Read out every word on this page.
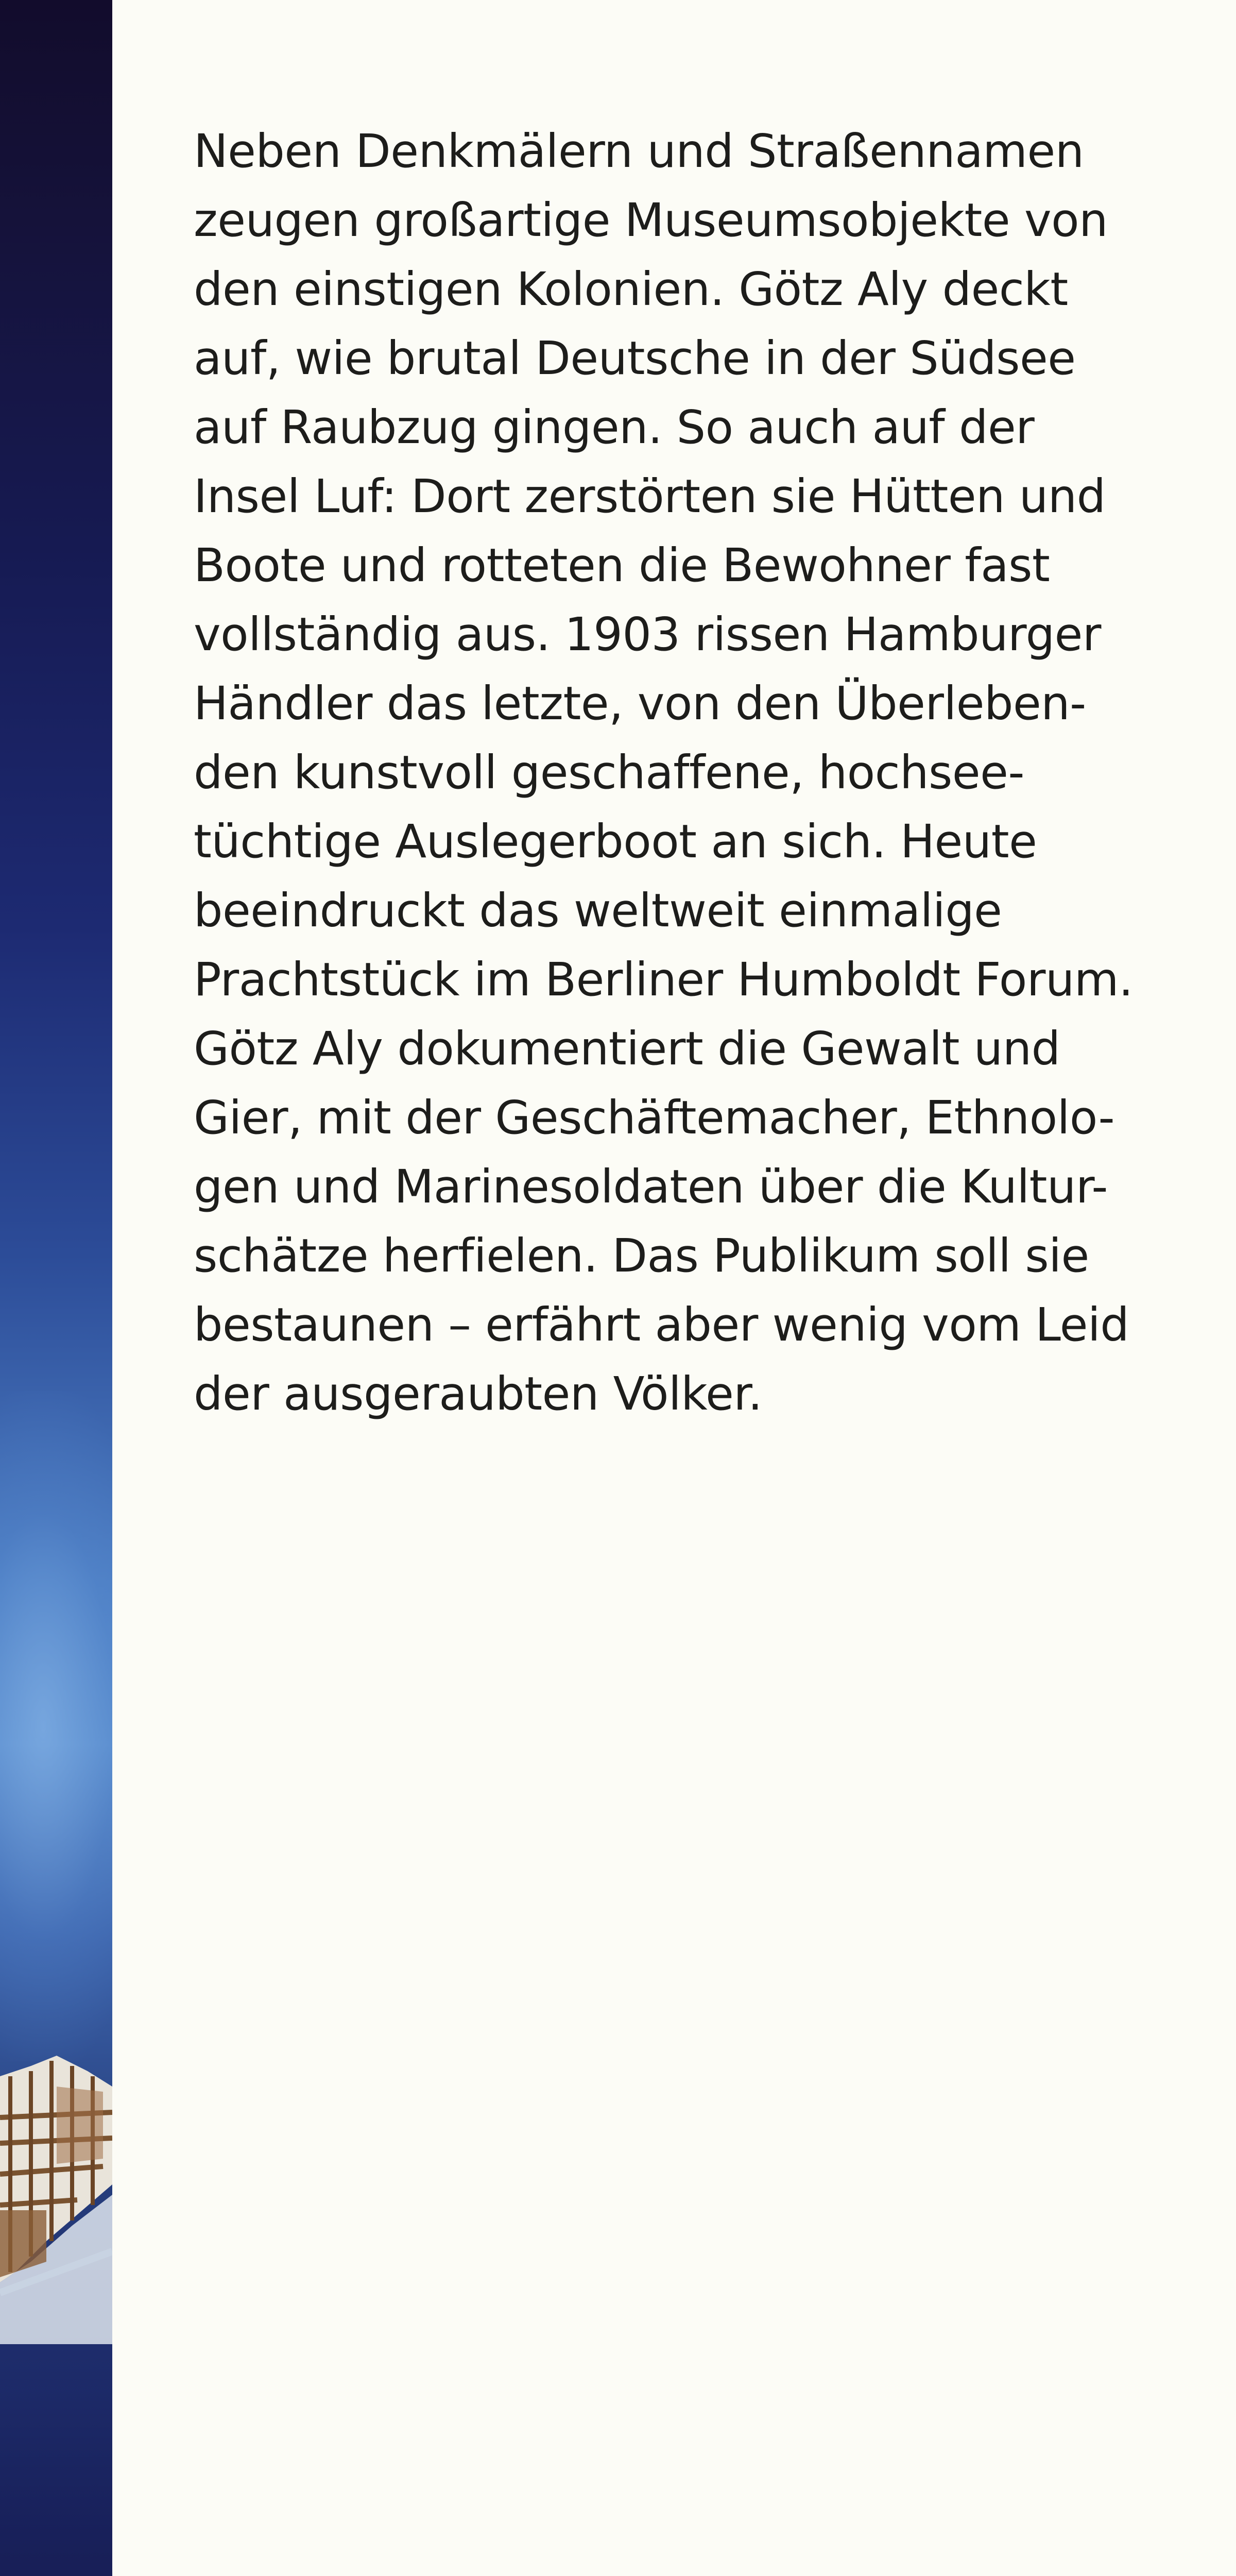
Neben Denkmälern und Straßennamen
zeugen großartige Museumsobjekte von
den einstigen Kolonien. Götz Aly deckt
auf, wie brutal Deutsche in der Südsee
auf Raubzug gingen. So auch auf der
Insel Luf: Dort zerstörten sie Hütten und
Boote und rotteten die Bewohner fast
vollständig aus. 1903 rissen Hamburger
Händler das letzte, von den Überleben-
den kunstvoll geschaffene, hochsee-
tüchtige Auslegerboot an sich. Heute
beeindruckt das weltweit einmalige
Prachtstück im Berliner Humboldt Forum.
Götz Aly dokumentiert die Gewalt und
Gier, mit der Geschäftemacher, Ethnolo-
gen und Marinesoldaten über die Kultur-
schätze herfielen. Das Publikum soll sie
bestaunen – erfährt aber wenig vom Leid
der ausgeraubten Völker.
